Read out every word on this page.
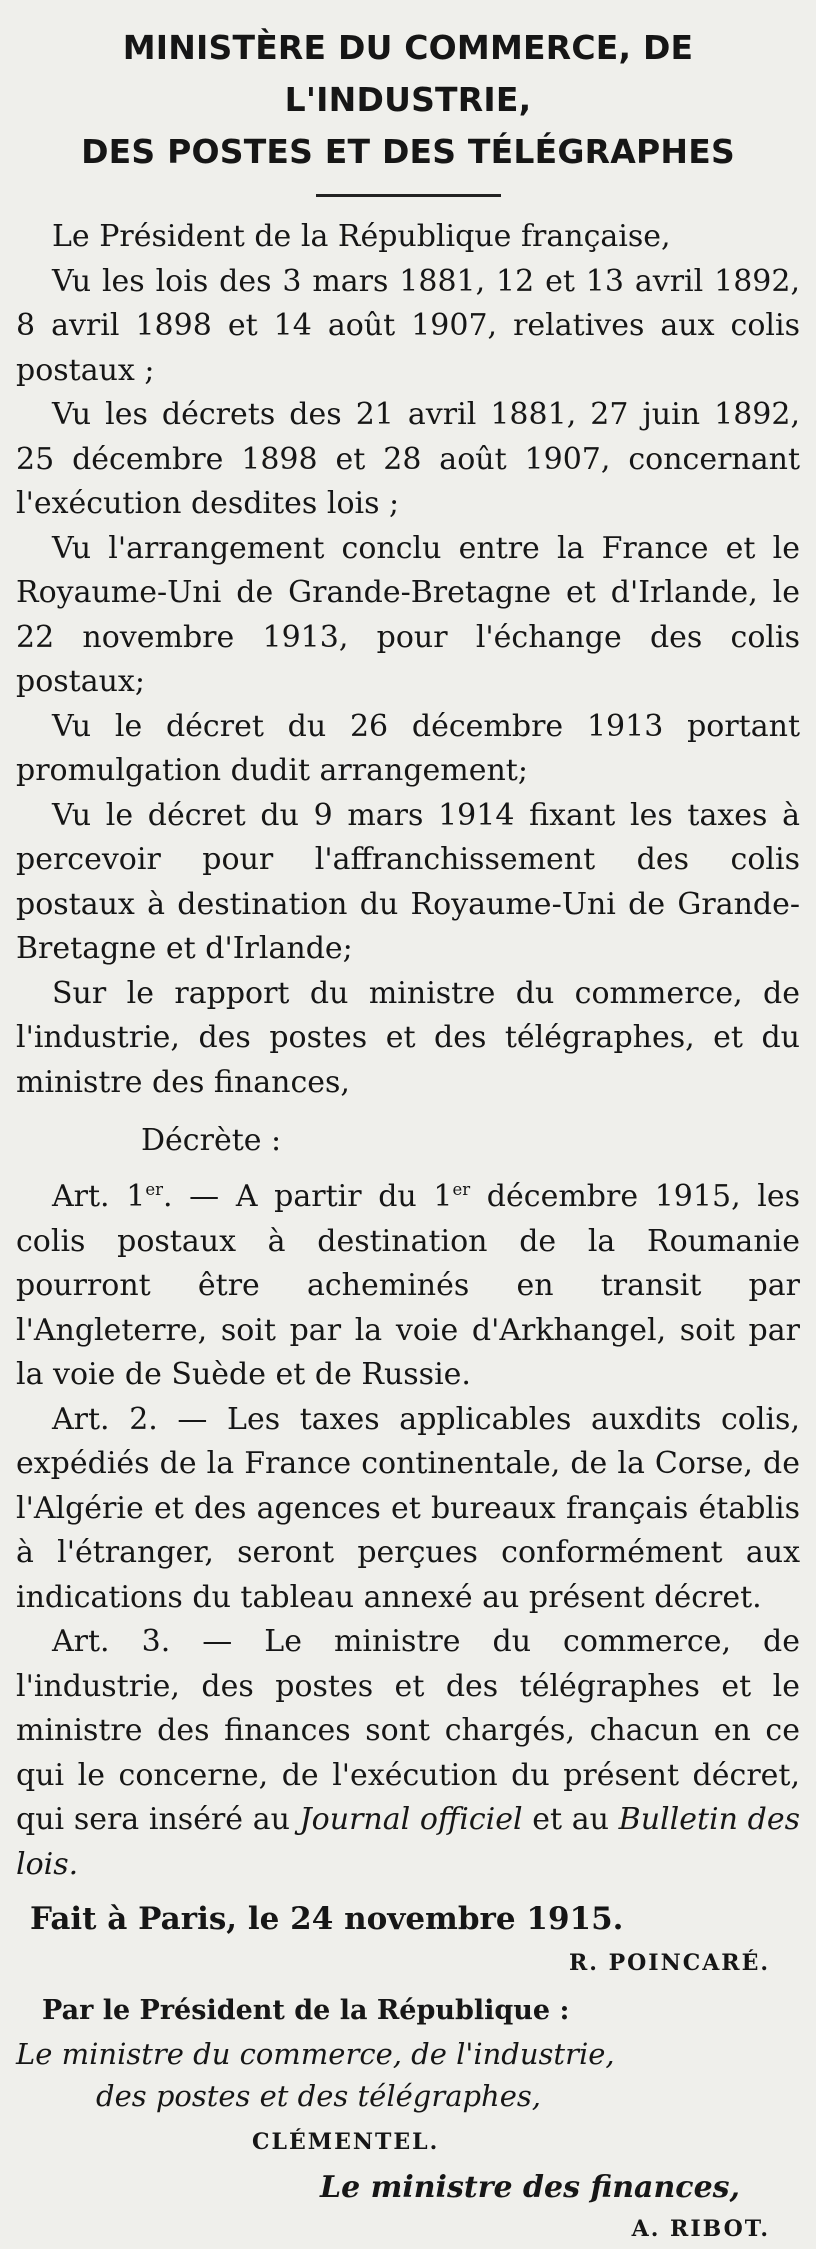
MINISTÈRE DU COMMERCE, DE L'INDUSTRIE,
DES POSTES ET DES TÉLÉGRAPHES

Le Président de la République française,

Vu les lois des 3 mars 1881, 12 et 13 avril 1892, 8 avril 1898 et 14 août 1907, relatives aux colis postaux ;

Vu les décrets des 21 avril 1881, 27 juin 1892, 25 décembre 1898 et 28 août 1907, concernant l'exécution desdites lois ;

Vu l'arrangement conclu entre la France et le Royaume-Uni de Grande-Bretagne et d'Irlande, le 22 novembre 1913, pour l'échange des colis postaux;

Vu le décret du 26 décembre 1913 portant promulgation dudit arrangement;

Vu le décret du 9 mars 1914 fixant les taxes à percevoir pour l'affranchissement des colis postaux à destination du Royaume-Uni de Grande-Bretagne et d'Irlande;

Sur le rapport du ministre du commerce, de l'industrie, des postes et des télégraphes, et du ministre des finances,

Décrète :

Art. 1er. — A partir du 1er décembre 1915, les colis postaux à destination de la Roumanie pourront être acheminés en transit par l'Angleterre, soit par la voie d'Arkhangel, soit par la voie de Suède et de Russie.

Art. 2. — Les taxes applicables auxdits colis, expédiés de la France continentale, de la Corse, de l'Algérie et des agences et bureaux français établis à l'étranger, seront perçues conformément aux indications du tableau annexé au présent décret.

Art. 3. — Le ministre du commerce, de l'industrie, des postes et des télégraphes et le ministre des finances sont chargés, chacun en ce qui le concerne, de l'exécution du présent décret, qui sera inséré au Journal officiel et au Bulletin des lois.

Fait à Paris, le 24 novembre 1915.
R. POINCARÉ.
Par le Président de la République :
Le ministre du commerce, de l'industrie,
des postes et des télégraphes,
CLÉMENTEL.
Le ministre des finances,
A. RIBOT.
